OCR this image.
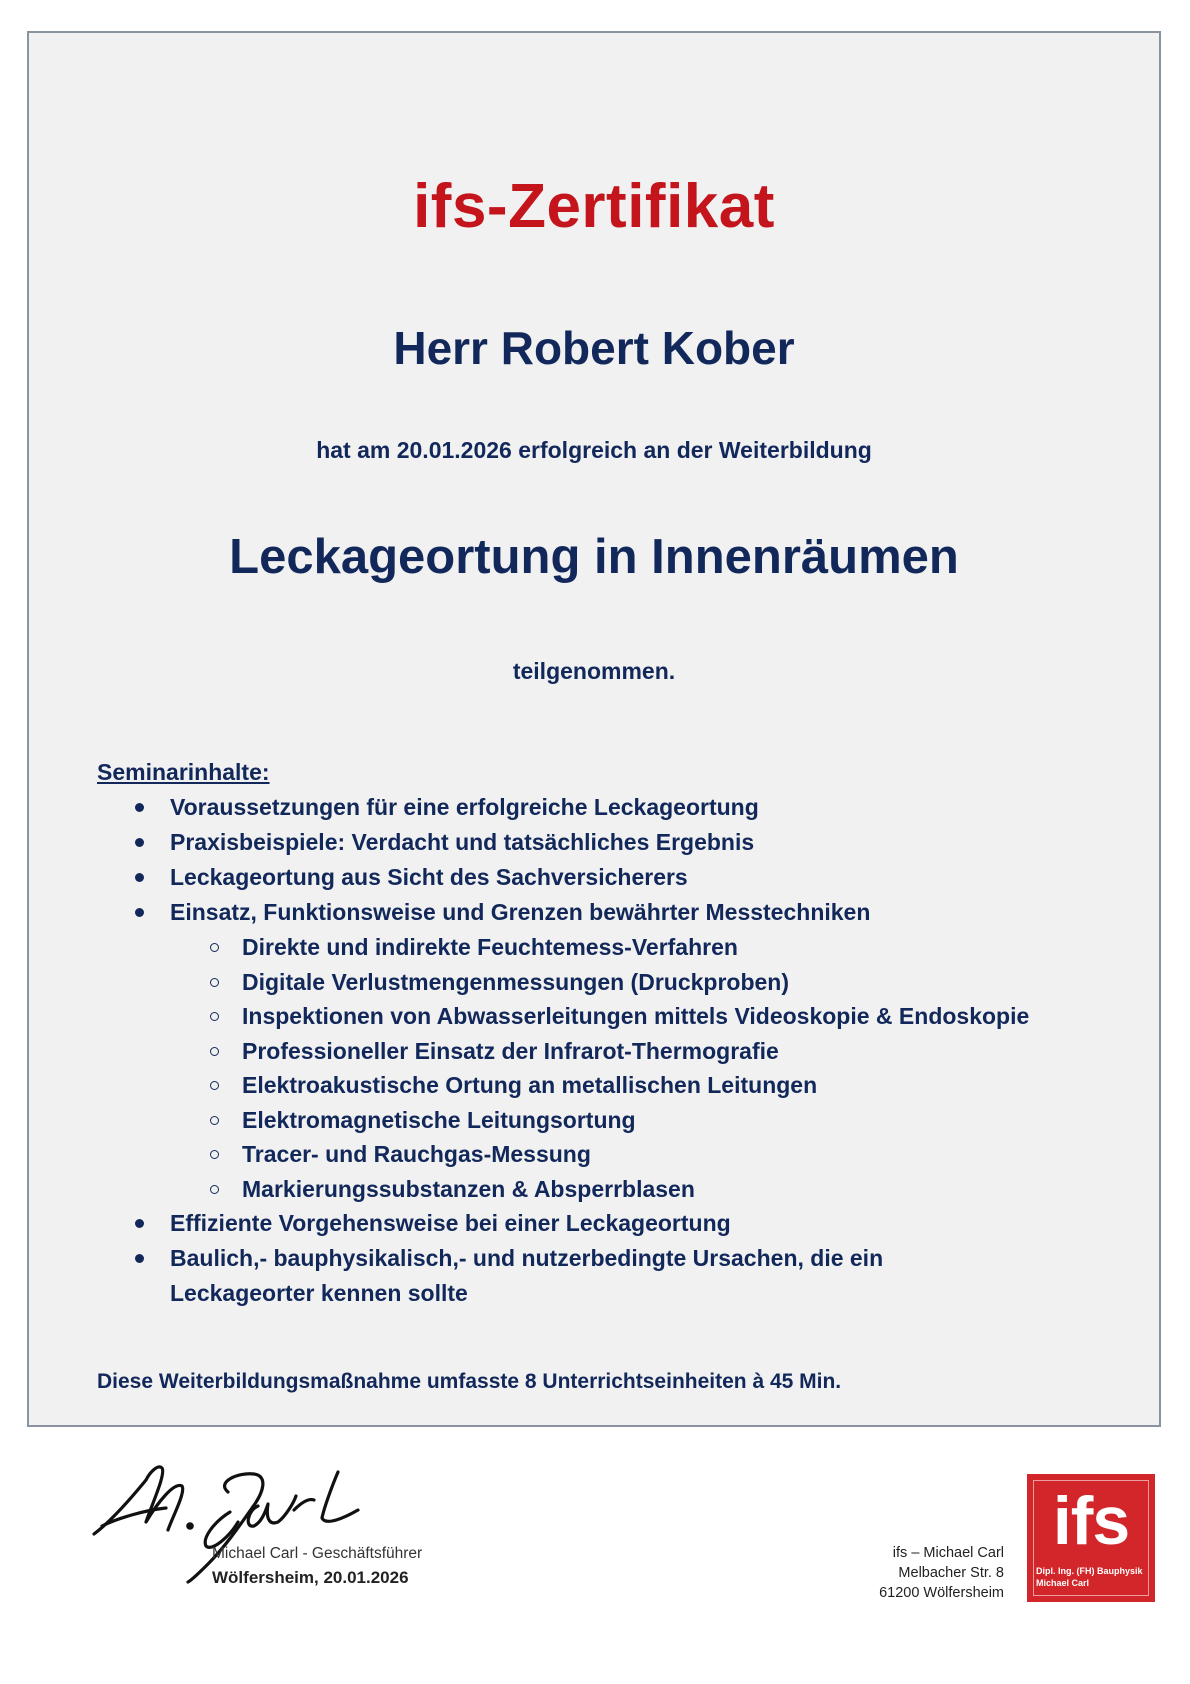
ifs-Zertifikat
Herr Robert Kober
hat am 20.01.2026 erfolgreich an der Weiterbildung
Leckageortung in Innenräumen
teilgenommen.

Seminarinhalte:

Voraussetzungen für eine erfolgreiche Leckageortung
Praxisbeispiele: Verdacht und tatsächliches Ergebnis
Leckageortung aus Sicht des Sachversicherers
Einsatz, Funktionsweise und Grenzen bewährter Messtechniken
Direkte und indirekte Feuchtemess-Verfahren
Digitale Verlustmengenmessungen (Druckproben)
Inspektionen von Abwasserleitungen mittels Videoskopie & Endoskopie
Professioneller Einsatz der Infrarot-Thermografie
Elektroakustische Ortung an metallischen Leitungen
Elektromagnetische Leitungsortung
Tracer- und Rauchgas-Messung
Markierungssubstanzen & Absperrblasen
Effiziente Vorgehensweise bei einer Leckageortung
Baulich,- bauphysikalisch,- und nutzerbedingte Ursachen, die ein Leckageorter kennen sollte
Diese Weiterbildungsmaßnahme umfasste 8 Unterrichtseinheiten à 45 Min.
Michael Carl - Geschäftsführer
Wölfersheim, 20.01.2026
ifs – Michael Carl
Melbacher Str. 8
61200 Wölfersheim
ifs
Dipl. Ing. (FH) Bauphysik
Michael Carl
